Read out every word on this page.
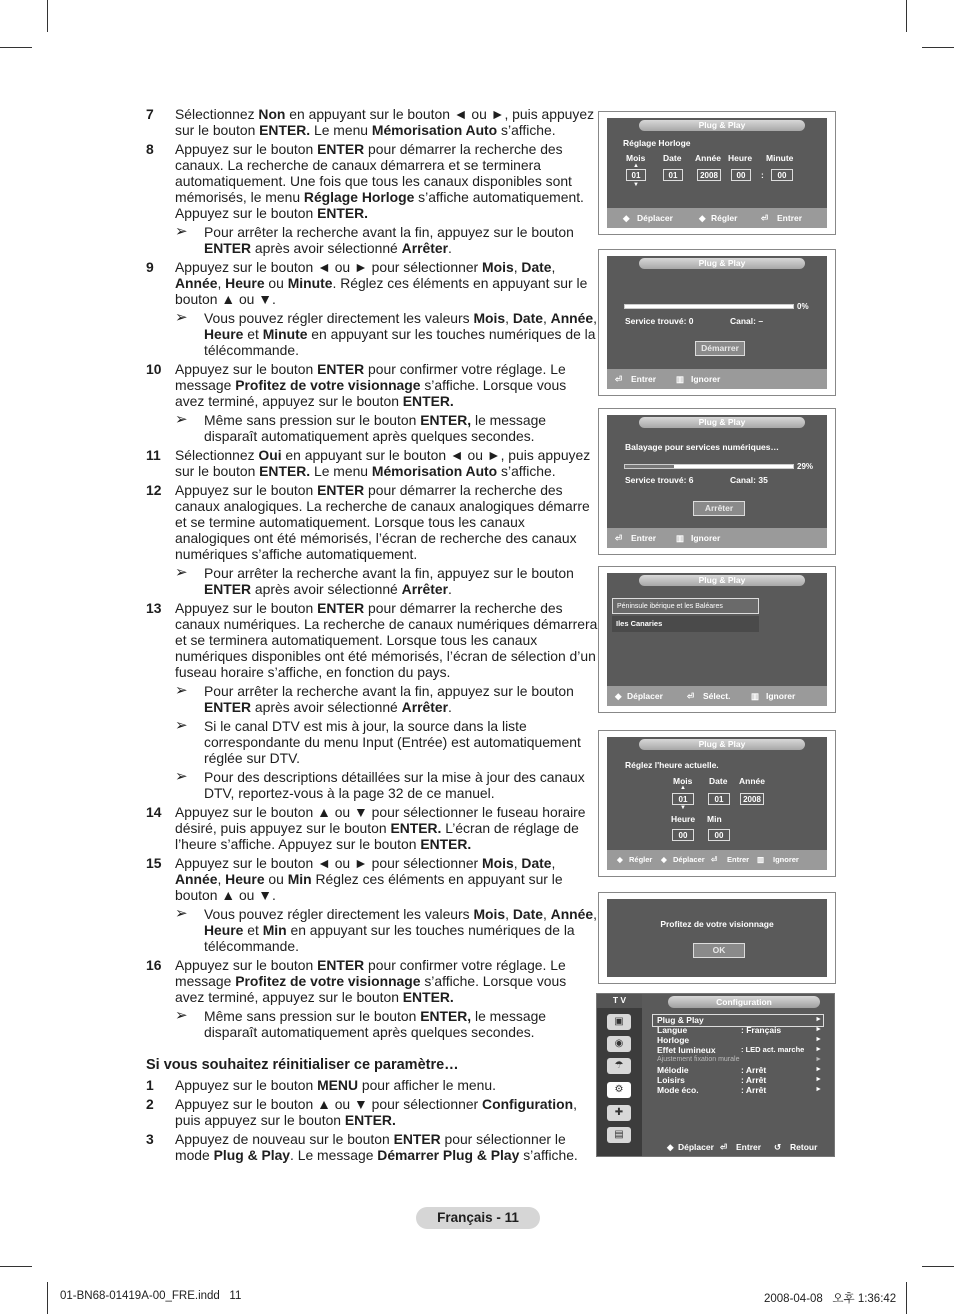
7	Sélectionnez Non en appuyant sur le bouton ◄ ou ►, puis appuyez sur le bouton ENTER. Le menu Mémorisation Auto s’affiche.
8	Appuyez sur le bouton ENTER pour démarrer la recherche des canaux. La recherche de canaux démarrera et se terminera automatiquement. Une fois que tous les canaux disponibles sont mémorisés, le menu Réglage Horloge s’affiche automatiquement. Appuyez sur le bouton ENTER.
➢	Pour arrêter la recherche avant la fin, appuyez sur le bouton ENTER après avoir sélectionné Arrêter.
9	Appuyez sur le bouton ◄ ou ► pour sélectionner Mois, Date, Année, Heure ou Minute. Réglez ces éléments en appuyant sur le bouton ▲ ou ▼.
➢	Vous pouvez régler directement les valeurs Mois, Date, Année, Heure et Minute en appuyant sur les touches numériques de la télécommande.
10 Appuyez sur le bouton ENTER pour confirmer votre réglage. Le message Profitez de votre visionnage s’affiche. Lorsque vous avez terminé, appuyez sur le bouton ENTER.
➢	Même sans pression sur le bouton ENTER, le message disparaît automatiquement après quelques secondes.
11	Sélectionnez Oui en appuyant sur le bouton ◄ ou ►, puis appuyez sur le bouton ENTER. Le menu Mémorisation Auto s’affiche.
12 Appuyez sur le bouton ENTER pour démarrer la recherche des canaux analogiques. La recherche de canaux analogiques démarre et se termine automatiquement. Lorsque tous les canaux analogiques ont été mémorisés, l’écran de recherche des canaux numériques s’affiche automatiquement.
➢	Pour arrêter la recherche avant la fin, appuyez sur le bouton ENTER après avoir sélectionné Arrêter.
13 Appuyez sur le bouton ENTER pour démarrer la recherche des canaux numériques. La recherche de canaux numériques démarrera et se terminera automatiquement. Lorsque tous les canaux numériques disponibles ont été mémorisés, l’écran de sélection d’un fuseau horaire s’affiche, en fonction du pays.
➢	Pour arrêter la recherche avant la fin, appuyez sur le bouton ENTER après avoir sélectionné Arrêter.
➢	Si le canal DTV est mis à jour, la source dans la liste correspondante du menu Input (Entrée) est automatiquement réglée sur DTV.
➢	Pour des descriptions détaillées sur la mise à jour des canaux DTV, reportez-vous à la page 32 de ce manuel.
14 Appuyez sur le bouton ▲ ou ▼ pour sélectionner le fuseau horaire désiré, puis appuyez sur le bouton ENTER. L’écran de réglage de l’heure s’affiche. Appuyez sur le bouton ENTER.
15 Appuyez sur le bouton ◄ ou ► pour sélectionner Mois, Date, Année, Heure ou Min Réglez ces éléments en appuyant sur le bouton ▲ ou ▼.
➢	Vous pouvez régler directement les valeurs Mois, Date, Année, Heure et Min en appuyant sur les touches numériques de la télécommande.
16 Appuyez sur le bouton ENTER pour confirmer votre réglage. Le message Profitez de votre visionnage s’affiche. Lorsque vous avez terminé, appuyez sur le bouton ENTER.
➢	Même sans pression sur le bouton ENTER, le message disparaît automatiquement après quelques secondes.
Si vous souhaitez réinitialiser ce paramètre…
1	Appuyez sur le bouton MENU pour afficher le menu.
2	Appuyez sur le bouton ▲ ou ▼ pour sélectionner Configuration, puis appuyez sur le bouton ENTER.
3	Appuyez de nouveau sur le bouton ENTER pour sélectionner le mode Plug & Play. Le message Démarrer Plug & Play s’affiche.
Plug & Play
Réglage Horloge
Mois Date Année Heure Minute
▲
01	01	2008	00	:	00
▼
◆ Déplacer	◆ Régler	⏎ Entrer
Plug & Play
0%
Service trouvé: 0	Canal: –
Démarrer
⏎ Entrer ▥ Ignorer
Plug & Play
Balayage pour services numériques…
29%
Service trouvé: 6	Canal: 35
Arrêter
⏎ Entrer ▥ Ignorer
Plug & Play
Péninsule ibérique et les Baléares
Iles Canaries
◆ Déplacer	⏎ Sélect. ▥ Ignorer
Plug & Play
Réglez l'heure actuelle.
Mois Date Année
▲
01	01	2008
▼
Heure Min
00	00
◆ Régler ◆ Déplacer ⏎ Entrer ▥ Ignorer
Profitez de votre visionnage
OK
T V
▣
◉
☂
⚙
✚
▤
Configuration
Plug & Play	►
Langue	: Français	►
Horloge	►
Effet lumineux	: LED act. marche ►
Ajustement fixation murale	►
Mélodie	: Arrêt	►
Loisirs	: Arrêt	►
Mode éco.	: Arrêt	►
◆ Déplacer ⏎ Entrer ↺ Retour
Français - 11
01-BN68-01419A-00_FRE.indd   11	2008-04-08   오후 1:36:42
